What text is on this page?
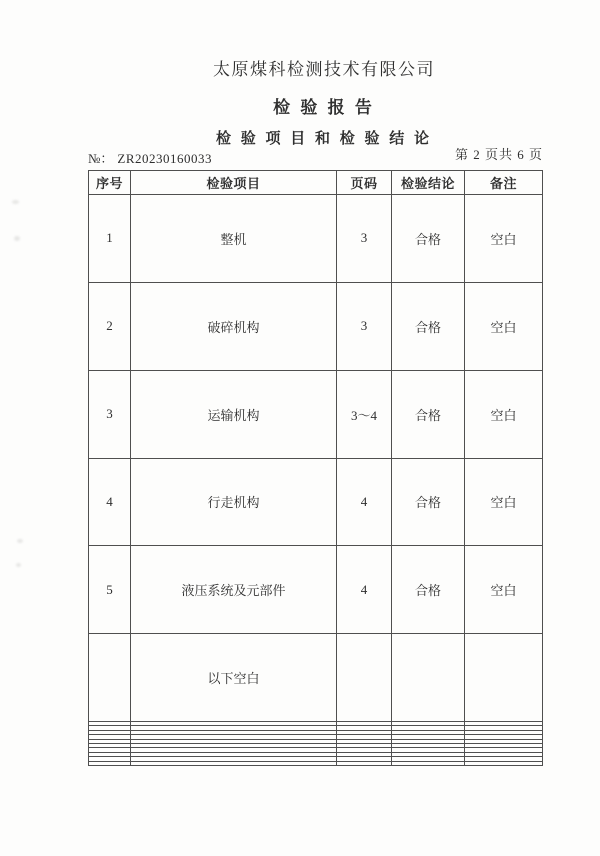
太原煤科检测技术有限公司
检 验 报 告
检 验 项 目 和 检 验 结 论
№： ZR20230160033	第 2 页共 6 页
序号	检验项目	页码	检验结论	备注
1	整机	3	合格	空白
2	破碎机构	3	合格	空白
3	运输机构	3～4	合格	空白
4	行走机构	4	合格	空白
5	液压系统及元部件	4	合格	空白
	以下空白			
